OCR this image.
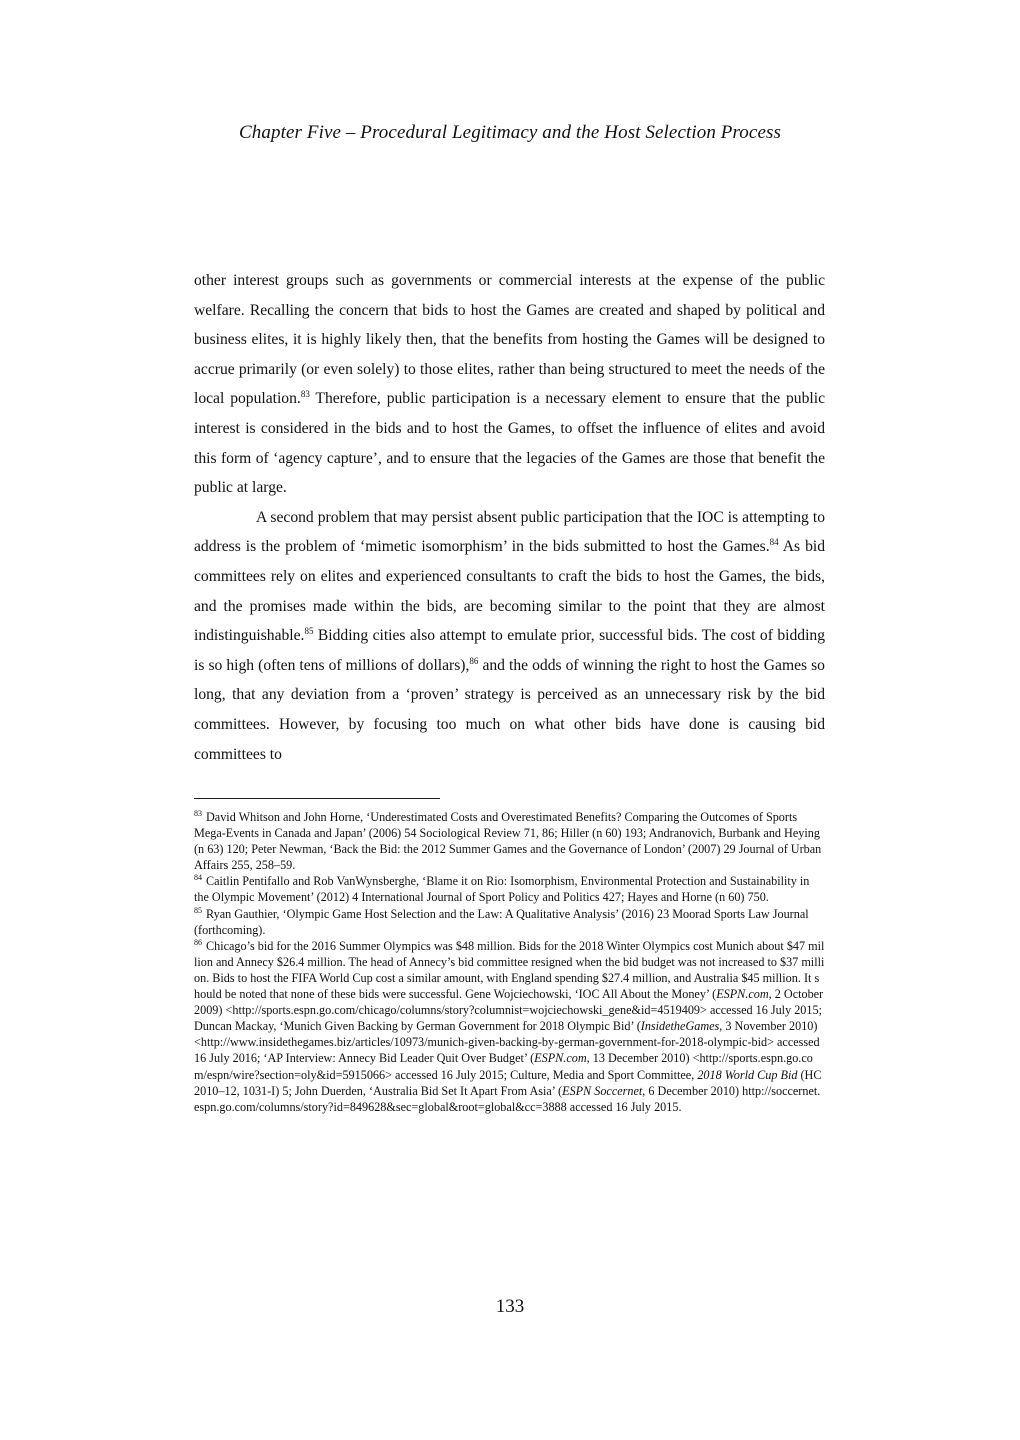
Chapter Five – Procedural Legitimacy and the Host Selection Process

other interest groups such as governments or commercial interests at the expense of the public welfare. Recalling the concern that bids to host the Games are created and shaped by political and business elites, it is highly likely then, that the benefits from hosting the Games will be designed to accrue primarily (or even solely) to those elites, rather than being structured to meet the needs of the local population.$^{83}$ Therefore, public participation is a necessary element to ensure that the public interest is considered in the bids and to host the Games, to offset the influence of elites and avoid this form of ‘agency capture’, and to ensure that the legacies of the Games are those that benefit the public at large.

A second problem that may persist absent public participation that the IOC is attempting to address is the problem of ‘mimetic isomorphism’ in the bids submitted to host the Games.$^{84}$ As bid committees rely on elites and experienced consultants to craft the bids to host the Games, the bids, and the promises made within the bids, are becoming similar to the point that they are almost indistinguishable.$^{85}$ Bidding cities also attempt to emulate prior, successful bids. The cost of bidding is so high (often tens of millions of dollars),$^{86}$ and the odds of winning the right to host the Games so long, that any deviation from a ‘proven’ strategy is perceived as an unnecessary risk by the bid committees. However, by focusing too much on what other bids have done is causing bid committees to

$^{83}$ David Whitson and John Horne, ‘Underestimated Costs and Overestimated Benefits? Comparing the Outcomes of Sports Mega-Events in Canada and Japan’ (2006) 54 Sociological Review 71, 86; Hiller (n 60) 193; Andranovich, Burbank and Heying (n 63) 120; Peter Newman, ‘Back the Bid: the 2012 Summer Games and the Governance of London’ (2007) 29 Journal of Urban Affairs 255, 258–59.

$^{84}$ Caitlin Pentifallo and Rob VanWynsberghe, ‘Blame it on Rio: Isomorphism, Environmental Protection and Sustainability in the Olympic Movement’ (2012) 4 International Journal of Sport Policy and Politics 427; Hayes and Horne (n 60) 750.

$^{85}$ Ryan Gauthier, ‘Olympic Game Host Selection and the Law: A Qualitative Analysis’ (2016) 23 Moorad Sports Law Journal (forthcoming).

$^{86}$ Chicago’s bid for the 2016 Summer Olympics was $48 million. Bids for the 2018 Winter Olympics cost Munich about $47 million and Annecy $26.4 million. The head of Annecy’s bid committee resigned when the bid budget was not increased to $37 million. Bids to host the FIFA World Cup cost a similar amount, with England spending $27.4 million, and Australia $45 million. It should be noted that none of these bids were successful. Gene Wojciechowski, ‘IOC All About the Money’ (ESPN.com, 2 October 2009) <http://sports.espn.go.com/chicago/columns/story?columnist=wojciechowski_gene&id=4519409> accessed 16 July 2015; Duncan Mackay, ‘Munich Given Backing by German Government for 2018 Olympic Bid’ (InsidetheGames, 3 November 2010) <http://www.insidethegames.biz/articles/10973/munich-given-backing-by-german-government-for-2018-olympic-bid> accessed 16 July 2016; ‘AP Interview: Annecy Bid Leader Quit Over Budget’ (ESPN.com, 13 December 2010) <http://sports.espn.go.com/espn/wire?section=oly&id=5915066> accessed 16 July 2015; Culture, Media and Sport Committee, 2018 World Cup Bid (HC 2010–12, 1031-I) 5; John Duerden, ‘Australia Bid Set It Apart From Asia’ (ESPN Soccernet, 6 December 2010) http://soccernet.espn.go.com/columns/story?id=849628&sec=global&root=global&cc=3888 accessed 16 July 2015.

133
